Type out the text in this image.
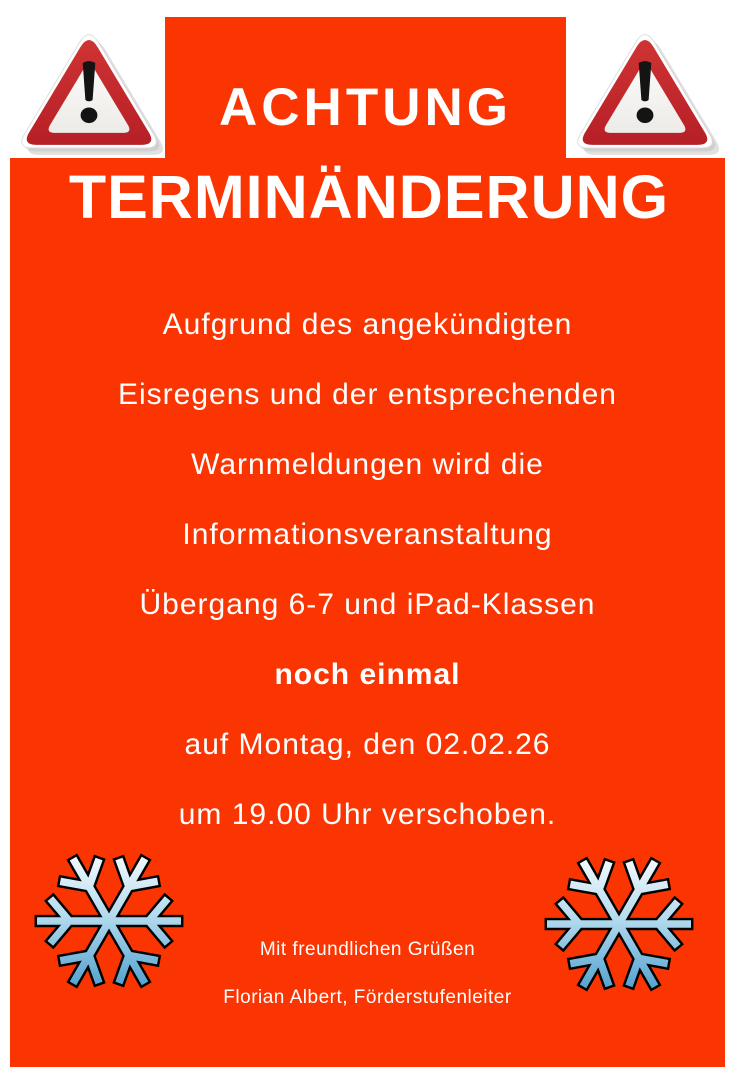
ACHTUNG
TERMINÄNDERUNG
Aufgrund des angekündigten
Eisregens und der entsprechenden
Warnmeldungen wird die
Informationsveranstaltung
Übergang 6-7 und iPad-Klassen
noch einmal
auf Montag, den 02.02.26
um 19.00 Uhr verschoben.
Mit freundlichen Grüßen
Florian Albert, Förderstufenleiter
